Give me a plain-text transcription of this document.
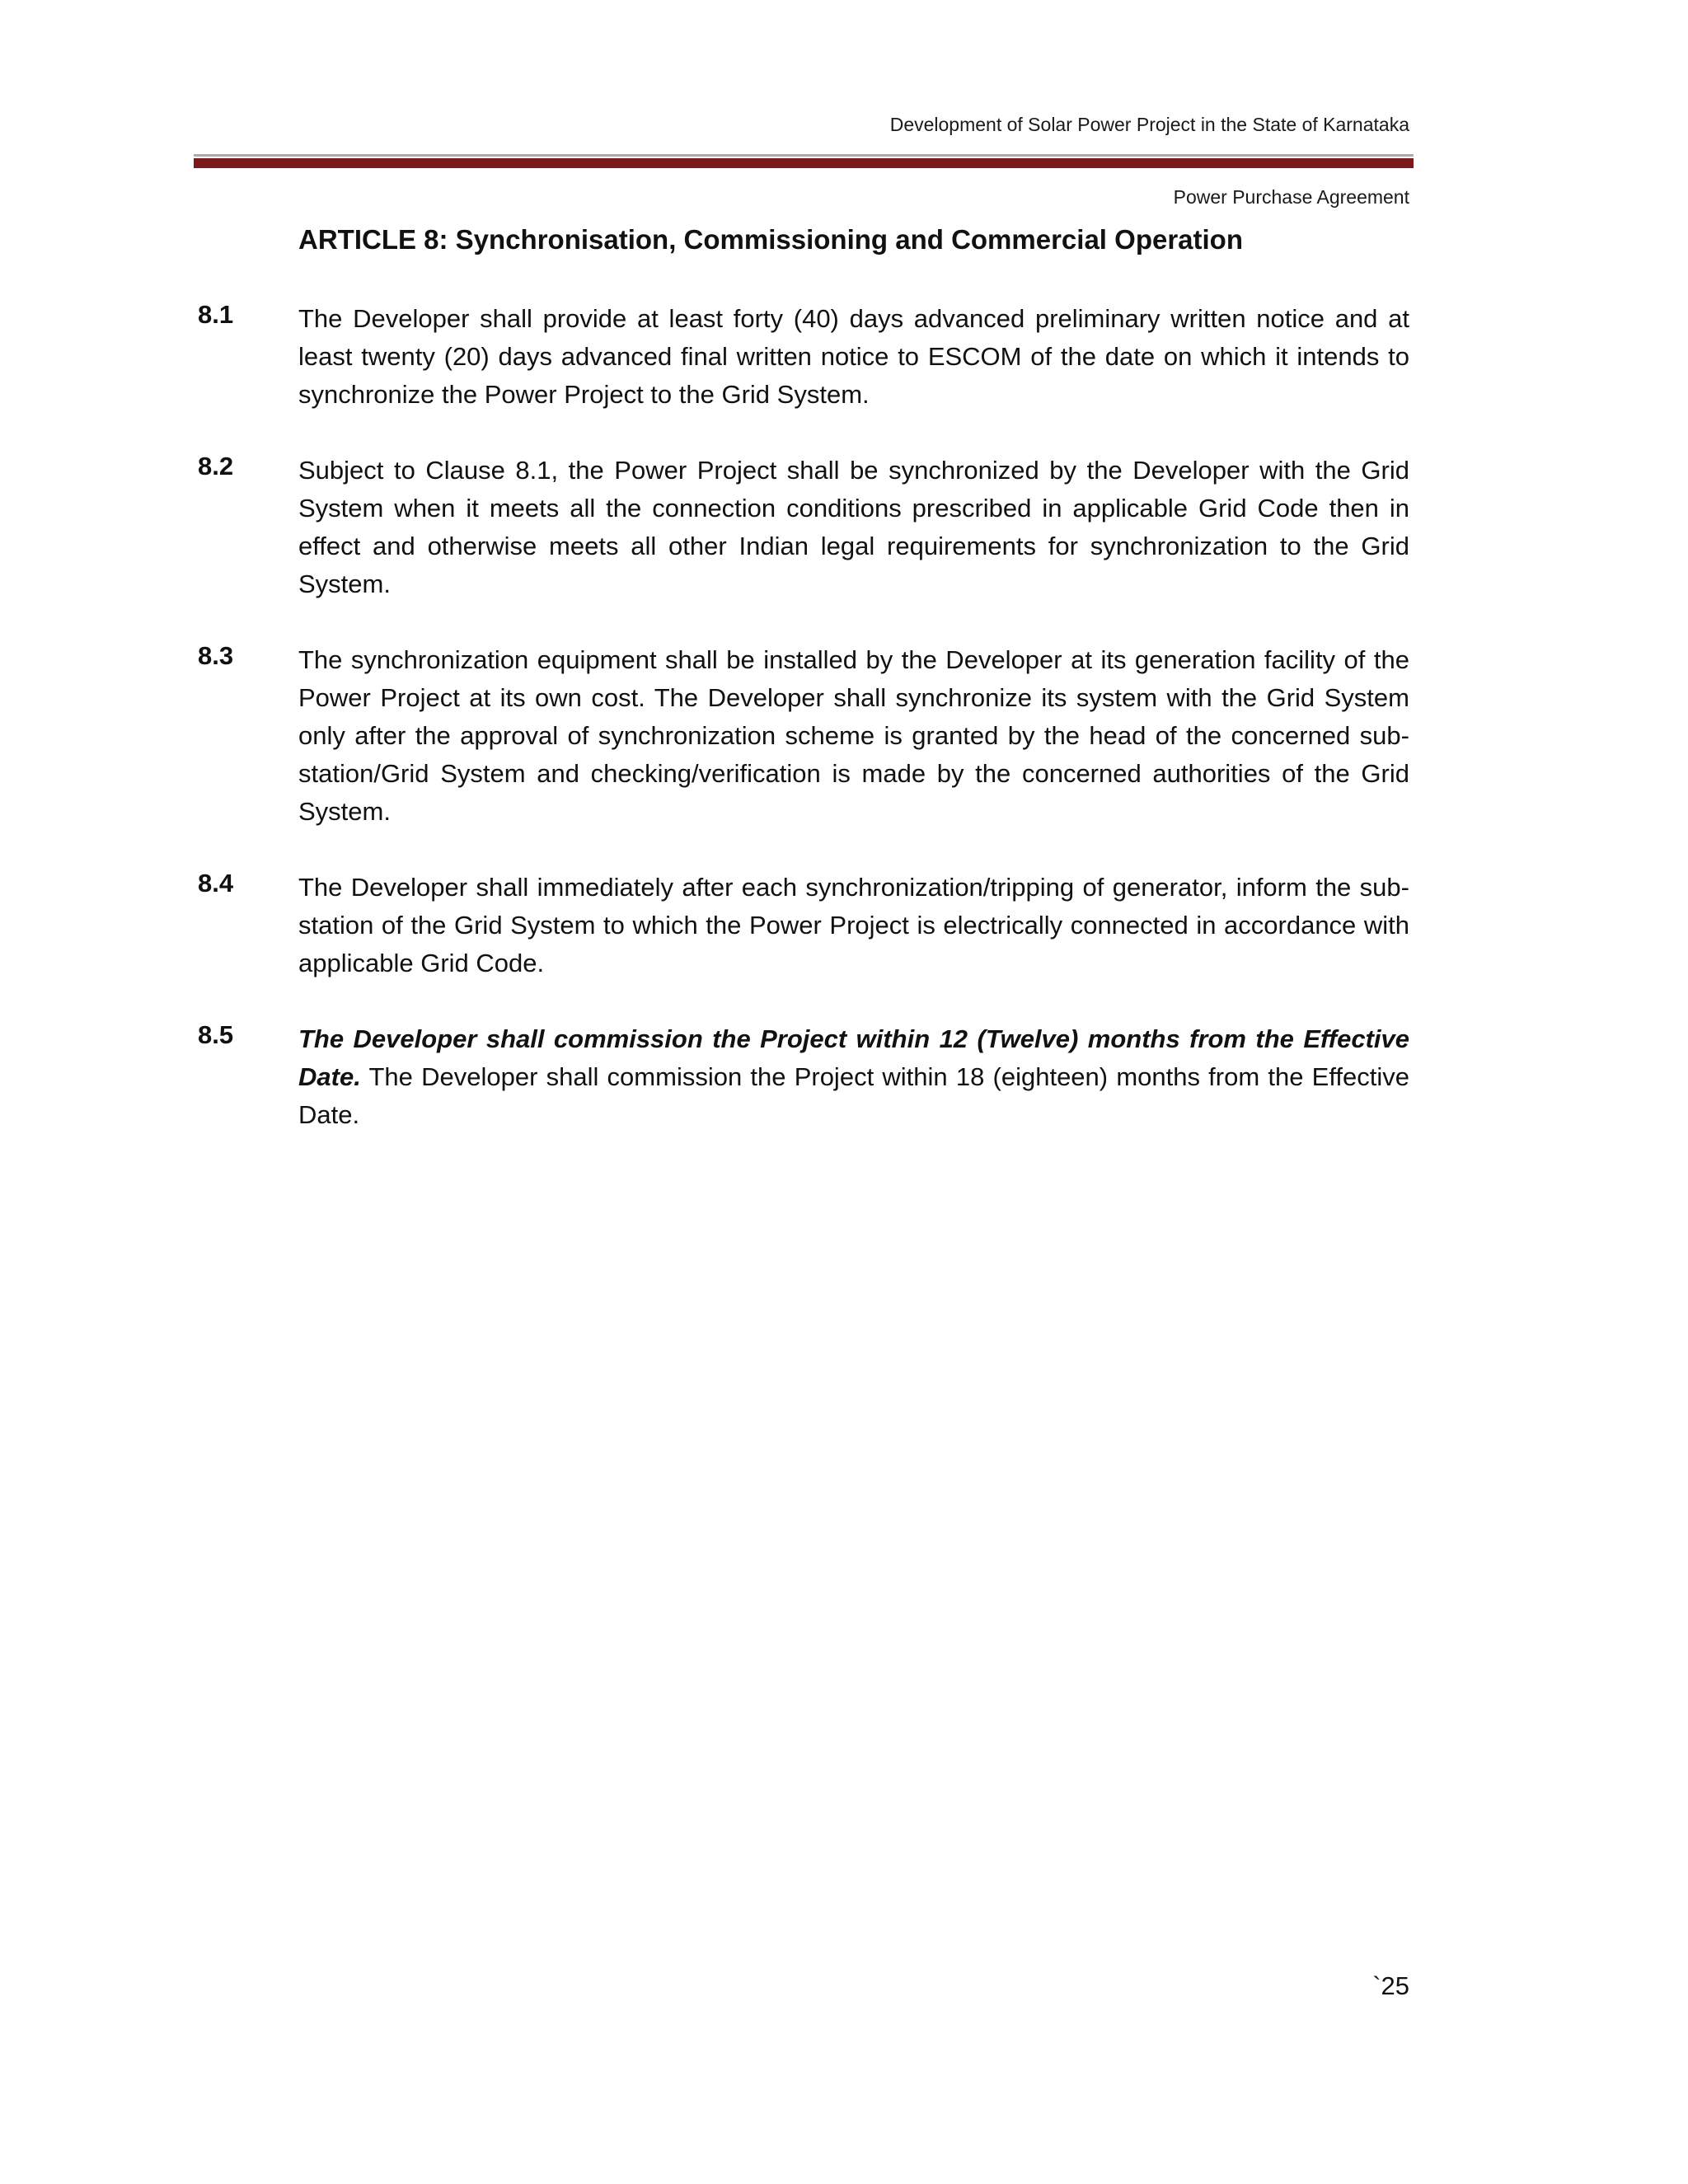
Development of Solar Power Project in the State of Karnataka
Power Purchase Agreement
ARTICLE 8: Synchronisation, Commissioning and Commercial Operation
8.1	The Developer shall provide at least forty (40) days advanced preliminary written notice and at least twenty (20) days advanced final written notice to ESCOM of the date on which it intends to synchronize the Power Project to the Grid System.
8.2	Subject to Clause 8.1, the Power Project shall be synchronized by the Developer with the Grid System when it meets all the connection conditions prescribed in applicable Grid Code then in effect and otherwise meets all other Indian legal requirements for synchronization to the Grid System.
8.3	The synchronization equipment shall be installed by the Developer at its generation facility of the Power Project at its own cost. The Developer shall synchronize its system with the Grid System only after the approval of synchronization scheme is granted by the head of the concerned sub-station/Grid System and checking/verification is made by the concerned authorities of the Grid System.
8.4	The Developer shall immediately after each synchronization/tripping of generator, inform the sub-station of the Grid System to which the Power Project is electrically connected in accordance with applicable Grid Code.
8.5	The Developer shall commission the Project within 12 (Twelve) months from the Effective Date. The Developer shall commission the Project within 18 (eighteen) months from the Effective Date.
`25
